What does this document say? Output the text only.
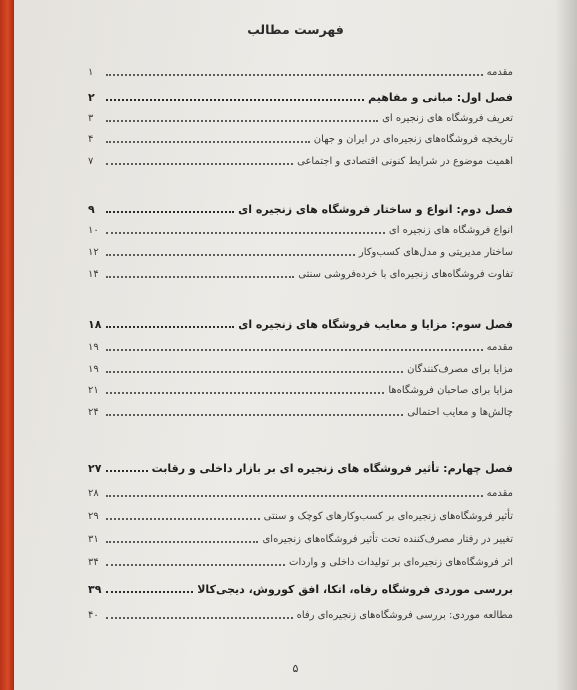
فهرست مطالب
مقدمه
۱
فصل اول: مبانی و مفاهیم
۲
تعریف فروشگاه های زنجیره ای
۳
تاریخچه فروشگاه‌های زنجیره‌ای در ایران و جهان
۴
اهمیت موضوع در شرایط کنونی اقتصادی و اجتماعی
۷
فصل دوم: انواع و ساختار فروشگاه های زنجیره ای
۹
انواع فروشگاه های زنجیره ای
۱۰
ساختار مدیریتی و مدل‌های کسب‌وکار
۱۲
تفاوت فروشگاه‌های زنجیره‌ای با خرده‌فروشی سنتی
۱۴
فصل سوم: مزایا و معایب فروشگاه های زنجیره ای
۱۸
مقدمه
۱۹
مزایا برای مصرف‌کنندگان
۱۹
مزایا برای صاحبان فروشگاه‌ها
۲۱
چالش‌ها و معایب احتمالی
۲۴
فصل چهارم: تأثیر فروشگاه های زنجیره ای بر بازار داخلی و رقابت
۲۷
مقدمه
۲۸
تأثیر فروشگاه‌های زنجیره‌ای بر کسب‌وکارهای کوچک و سنتی
۲۹
تغییر در رفتار مصرف‌کننده تحت تأثیر فروشگاه‌های زنجیره‌ای
۳۱
اثر فروشگاه‌های زنجیره‌ای بر تولیدات داخلی و واردات
۳۴
بررسی موردی فروشگاه رفاه، اتکا، افق کوروش، دیجی‌کالا
۳۹
مطالعه موردی: بررسی فروشگاه‌های زنجیره‌ای رفاه
۴۰
۵
